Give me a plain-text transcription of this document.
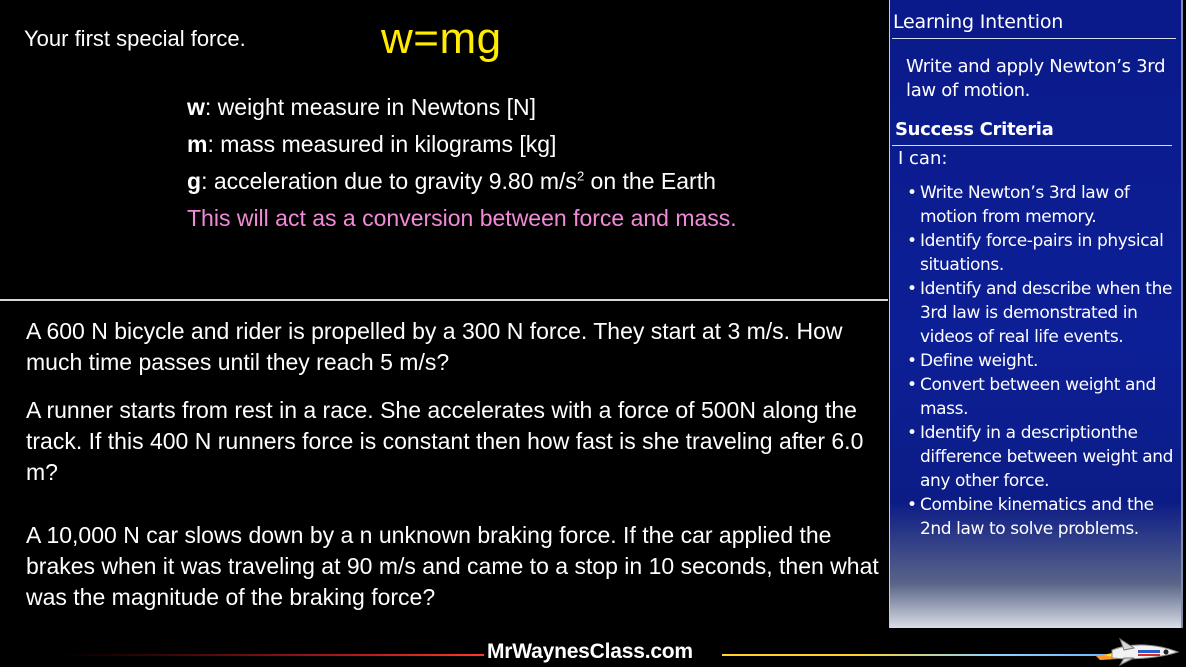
Your first special force.	w=mg
w: weight measure in Newtons [N]
m: mass measured in kilograms [kg]
g: acceleration due to gravity 9.80 $m/s^2$ on the Earth
This will act as a conversion between force and mass.
A 600 N bicycle and rider is propelled by a 300 N force. They start at 3 m/s. How much time passes until they reach 5 m/s?
A runner starts from rest in a race. She accelerates with a force of 500N along the track. If this 400 N runners force is constant then how fast is she traveling after 6.0 m?
A 10,000 N car slows down by a n unknown braking force. If the car applied the brakes when it was traveling at 90 m/s and came to a stop in 10 seconds, then what was the magnitude of the braking force?
Learning Intention
Write and apply Newton’s 3rd law of motion.
Success Criteria
I can:
• Write Newton’s 3rd law of motion from memory.
• Identify force-pairs in physical situations.
• Identify and describe when the 3rd law is demonstrated in videos of real life events.
• Define weight.
• Convert between weight and mass.
• Identify in a descriptionthe difference between weight and any other force.
• Combine kinematics and the 2nd law to solve problems.
MrWaynesClass.com
